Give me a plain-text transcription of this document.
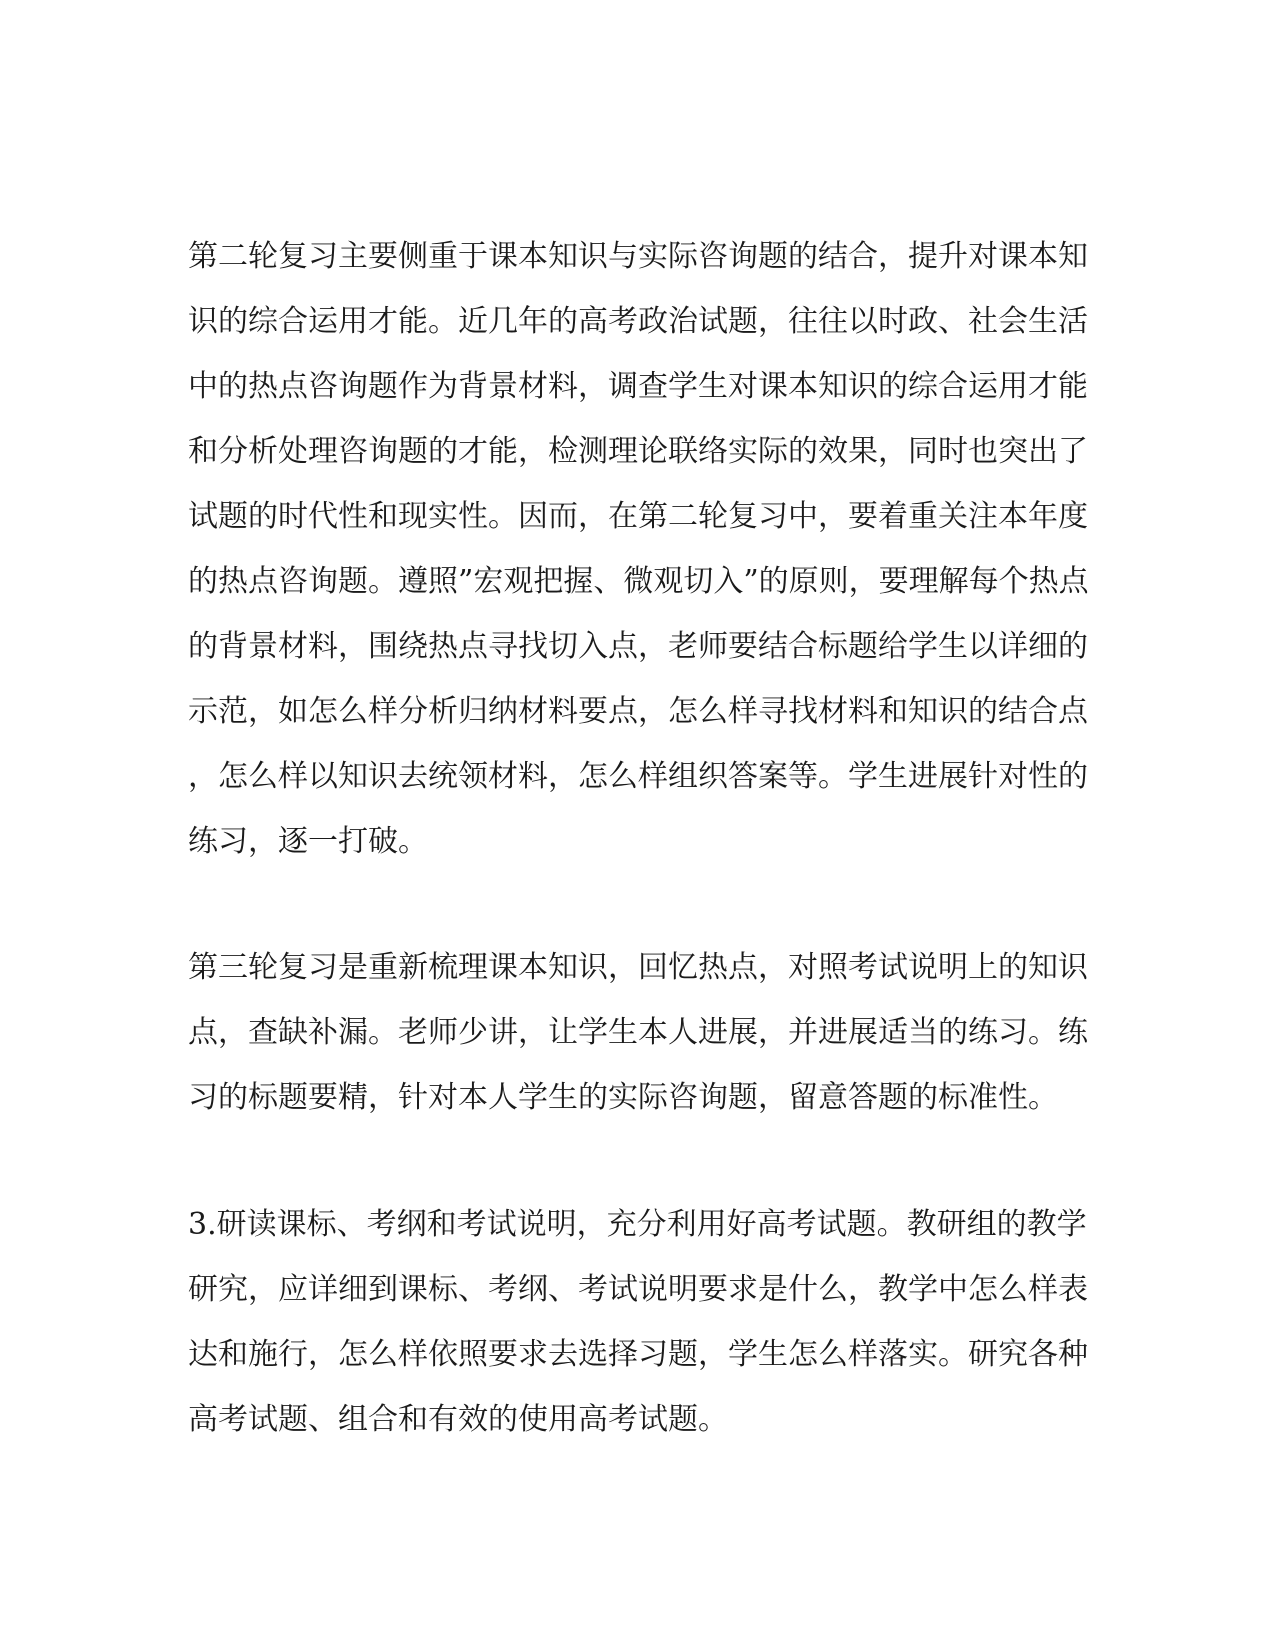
第二轮复习主要侧重于课本知识与实际咨询题的结合，提升对课本知
识的综合运用才能。近几年的高考政治试题，往往以时政、社会生活
中的热点咨询题作为背景材料，调查学生对课本知识的综合运用才能
和分析处理咨询题的才能，检测理论联络实际的效果，同时也突出了
试题的时代性和现实性。因而，在第二轮复习中，要着重关注本年度
的热点咨询题。遵照”宏观把握、微观切入”的原则，要理解每个热点
的背景材料，围绕热点寻找切入点，老师要结合标题给学生以详细的
示范，如怎么样分析归纳材料要点，怎么样寻找材料和知识的结合点
，怎么样以知识去统领材料，怎么样组织答案等。学生进展针对性的
练习，逐一打破。
第三轮复习是重新梳理课本知识，回忆热点，对照考试说明上的知识
点，查缺补漏。老师少讲，让学生本人进展，并进展适当的练习。练
习的标题要精，针对本人学生的实际咨询题，留意答题的标准性。
3.研读课标、考纲和考试说明，充分利用好高考试题。教研组的教学
研究，应详细到课标、考纲、考试说明要求是什么，教学中怎么样表
达和施行，怎么样依照要求去选择习题，学生怎么样落实。研究各种
高考试题、组合和有效的使用高考试题。
